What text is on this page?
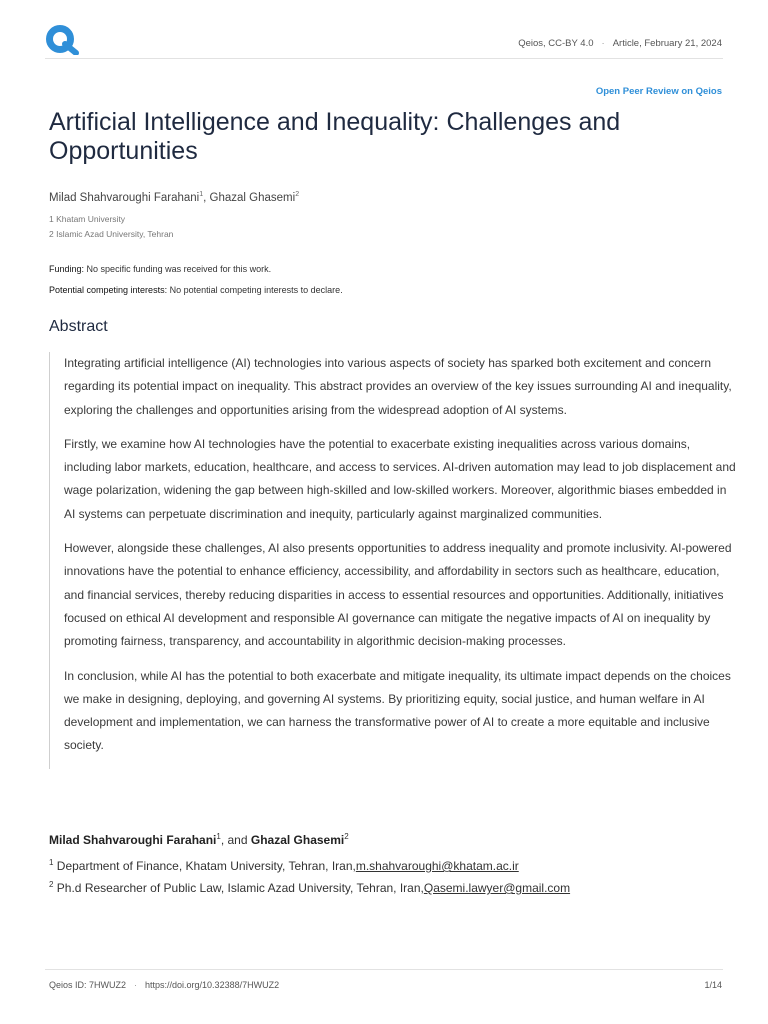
Qeios, CC-BY 4.0 · Article, February 21, 2024
Open Peer Review on Qeios
Artificial Intelligence and Inequality: Challenges and Opportunities
Milad Shahvaroughi Farahani$^1$, Ghazal Ghasemi$^2$
1 Khatam University
2 Islamic Azad University, Tehran
Funding: No specific funding was received for this work.
Potential competing interests: No potential competing interests to declare.
Abstract

Integrating artificial intelligence (AI) technologies into various aspects of society has sparked both excitement and concern regarding its potential impact on inequality. This abstract provides an overview of the key issues surrounding AI and inequality, exploring the challenges and opportunities arising from the widespread adoption of AI systems.

Firstly, we examine how AI technologies have the potential to exacerbate existing inequalities across various domains, including labor markets, education, healthcare, and access to services. AI-driven automation may lead to job displacement and wage polarization, widening the gap between high-skilled and low-skilled workers. Moreover, algorithmic biases embedded in AI systems can perpetuate discrimination and inequity, particularly against marginalized communities.

However, alongside these challenges, AI also presents opportunities to address inequality and promote inclusivity. AI-powered innovations have the potential to enhance efficiency, accessibility, and affordability in sectors such as healthcare, education, and financial services, thereby reducing disparities in access to essential resources and opportunities. Additionally, initiatives focused on ethical AI development and responsible AI governance can mitigate the negative impacts of AI on inequality by promoting fairness, transparency, and accountability in algorithmic decision-making processes.

In conclusion, while AI has the potential to both exacerbate and mitigate inequality, its ultimate impact depends on the choices we make in designing, deploying, and governing AI systems. By prioritizing equity, social justice, and human welfare in AI development and implementation, we can harness the transformative power of AI to create a more equitable and inclusive society.

Milad Shahvaroughi Farahani$^1$, and Ghazal Ghasemi$^2$
$^1$ Department of Finance, Khatam University, Tehran, Iran,m.shahvaroughi@khatam.ac.ir
$^2$ Ph.d Researcher of Public Law, Islamic Azad University, Tehran, Iran,Qasemi.lawyer@gmail.com
Qeios ID: 7HWUZ2 · https://doi.org/10.32388/7HWUZ2	1/14
